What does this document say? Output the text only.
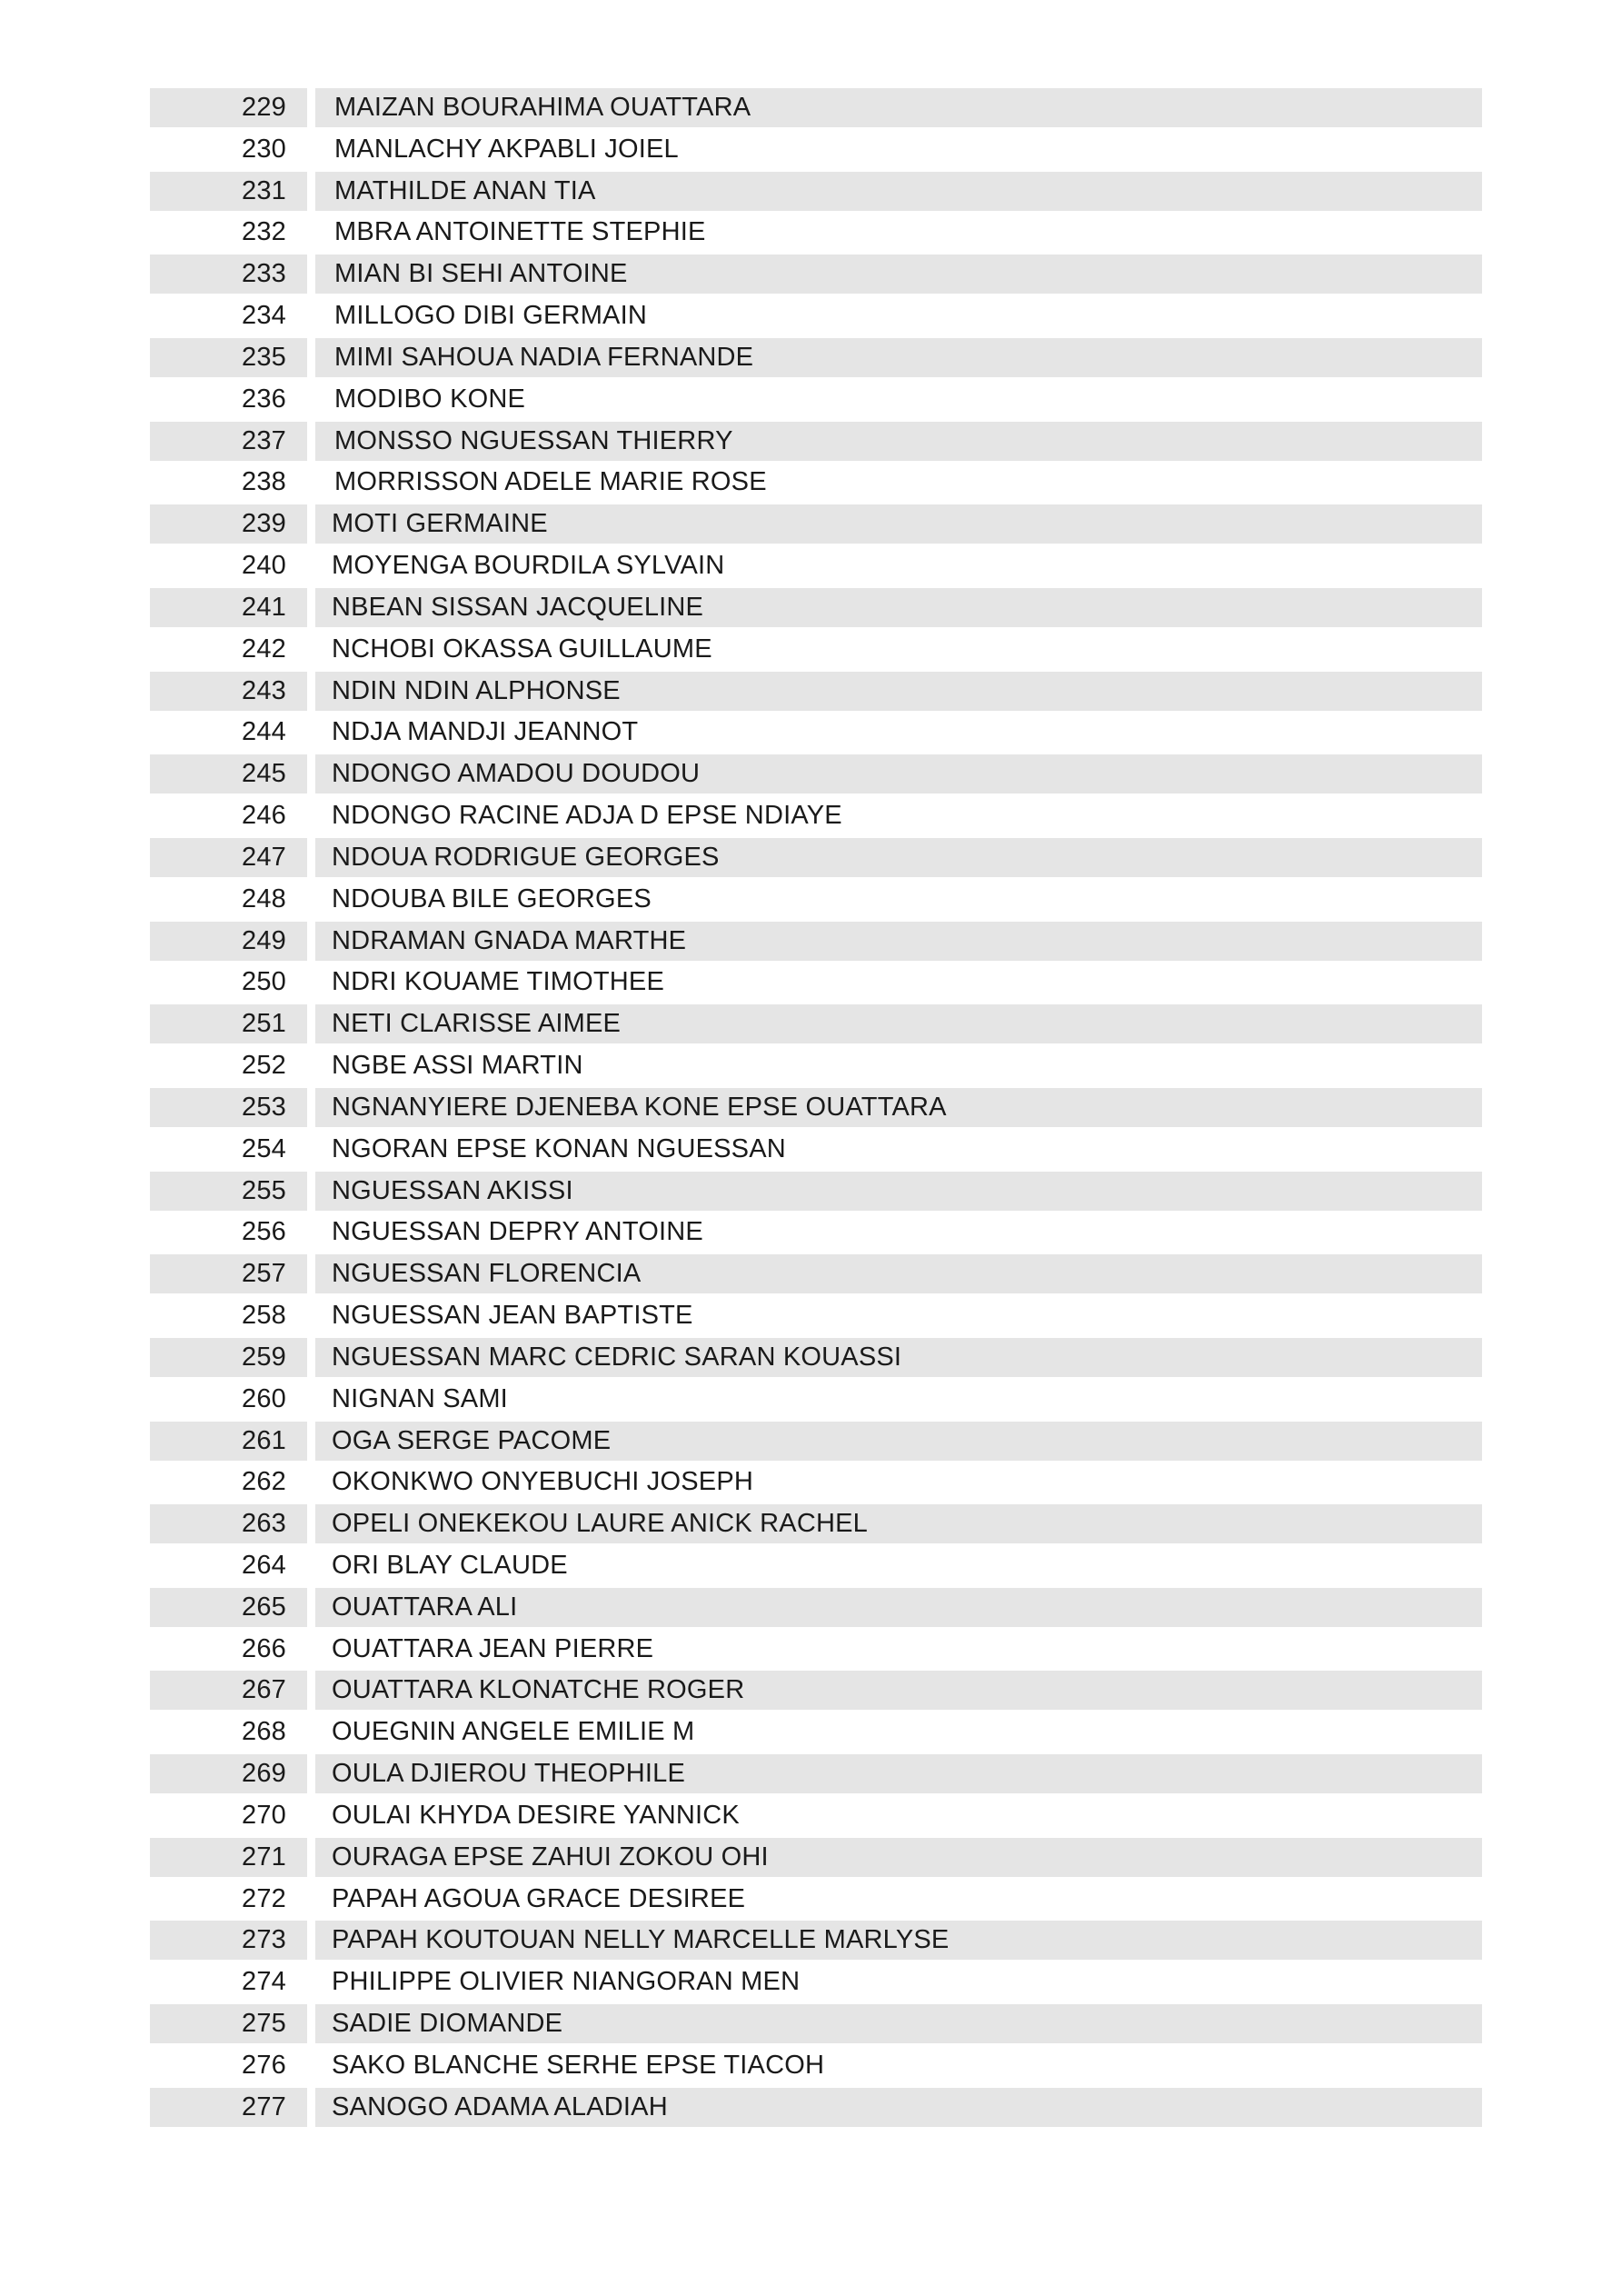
229 MAIZAN BOURAHIMA OUATTARA
230 MANLACHY AKPABLI JOIEL
231 MATHILDE ANAN TIA
232 MBRA ANTOINETTE STEPHIE
233 MIAN BI SEHI ANTOINE
234 MILLOGO DIBI GERMAIN
235 MIMI SAHOUA NADIA FERNANDE
236 MODIBO KONE
237 MONSSO NGUESSAN THIERRY
238 MORRISSON ADELE MARIE ROSE
239 MOTI GERMAINE
240 MOYENGA BOURDILA SYLVAIN
241 NBEAN SISSAN JACQUELINE
242 NCHOBI OKASSA GUILLAUME
243 NDIN NDIN ALPHONSE
244 NDJA MANDJI JEANNOT
245 NDONGO AMADOU DOUDOU
246 NDONGO RACINE ADJA D EPSE NDIAYE
247 NDOUA RODRIGUE GEORGES
248 NDOUBA BILE GEORGES
249 NDRAMAN GNADA MARTHE
250 NDRI KOUAME TIMOTHEE
251 NETI CLARISSE AIMEE
252 NGBE ASSI MARTIN
253 NGNANYIERE DJENEBA KONE EPSE OUATTARA
254 NGORAN EPSE KONAN NGUESSAN
255 NGUESSAN AKISSI
256 NGUESSAN DEPRY ANTOINE
257 NGUESSAN FLORENCIA
258 NGUESSAN JEAN BAPTISTE
259 NGUESSAN MARC CEDRIC SARAN KOUASSI
260 NIGNAN SAMI
261 OGA SERGE PACOME
262 OKONKWO ONYEBUCHI JOSEPH
263 OPELI ONEKEKOU LAURE ANICK RACHEL
264 ORI BLAY CLAUDE
265 OUATTARA ALI
266 OUATTARA JEAN PIERRE
267 OUATTARA KLONATCHE ROGER
268 OUEGNIN ANGELE EMILIE M
269 OULA DJIEROU THEOPHILE
270 OULAI KHYDA DESIRE YANNICK
271 OURAGA EPSE ZAHUI ZOKOU OHI
272 PAPAH AGOUA GRACE DESIREE
273 PAPAH KOUTOUAN NELLY MARCELLE MARLYSE
274 PHILIPPE OLIVIER NIANGORAN MEN
275 SADIE DIOMANDE
276 SAKO BLANCHE SERHE EPSE TIACOH
277 SANOGO ADAMA ALADIAH
